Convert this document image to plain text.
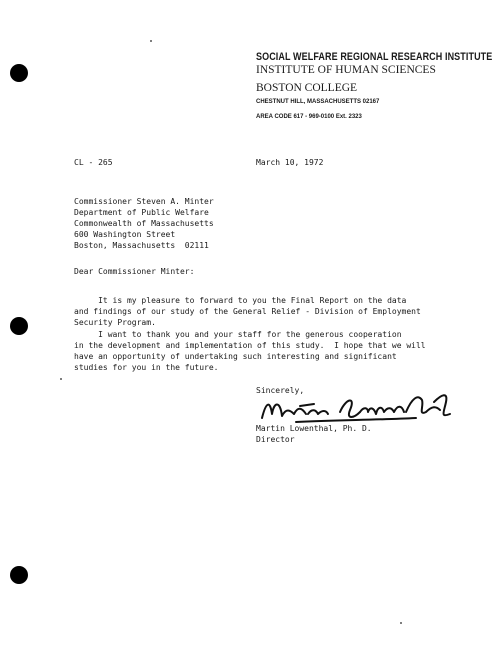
SOCIAL WELFARE REGIONAL RESEARCH INSTITUTE
INSTITUTE OF HUMAN SCIENCES
BOSTON COLLEGE
CHESTNUT HILL, MASSACHUSETTS 02167
AREA CODE 617 - 969-0100 Ext. 2323
CL - 265	March 10, 1972
Commissioner Steven A. Minter
Department of Public Welfare
Commonwealth of Massachusetts
600 Washington Street
Boston, Massachusetts  02111
Dear Commissioner Minter:
It is my pleasure to forward to you the Final Report on the data
and findings of our study of the General Relief - Division of Employment
Security Program.
I want to thank you and your staff for the generous cooperation
in the development and implementation of this study.  I hope that we will
have an opportunity of undertaking such interesting and significant
studies for you in the future.
Sincerely,
Martin Lowenthal, Ph. D.
Director
